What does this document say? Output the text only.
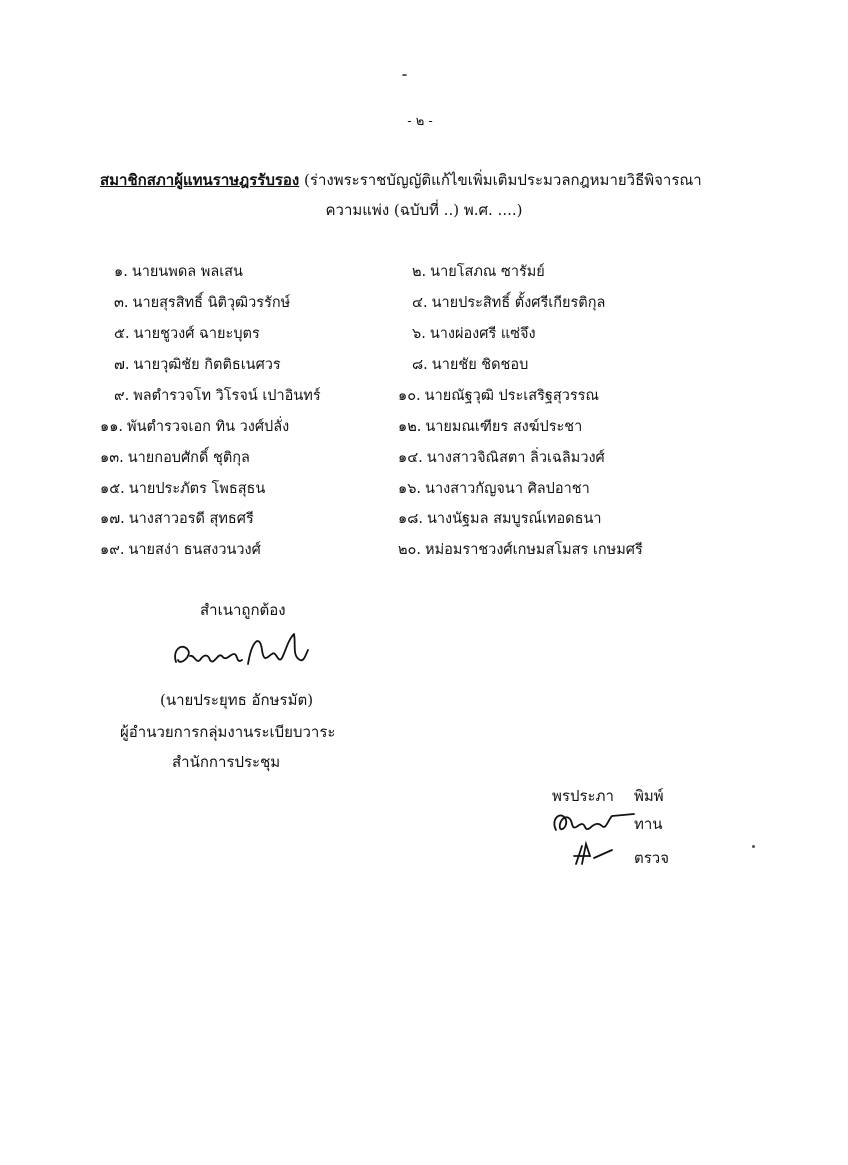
- ๒ -
สมาชิกสภาผู้แทนราษฎรรับรอง (ร่างพระราชบัญญัติแก้ไขเพิ่มเติมประมวลกฎหมายวิธีพิจารณา
ความแพ่ง (ฉบับที่ ..) พ.ศ. ....)
๑. นายนพดล พลเสน
๓. นายสุรสิทธิ์ นิติวุฒิวรรักษ์
๕. นายชูวงศ์ ฉายะบุตร
๗. นายวุฒิชัย กิตติธเนศวร
๙. พลตำรวจโท วิโรจน์ เปาอินทร์
๑๑. พันตำรวจเอก ทิน วงศ์ปลั่ง
๑๓. นายกอบศักดิ์ ชุติกุล
๑๕. นายประภัตร โพธสุธน
๑๗. นางสาวอรดี สุทธศรี
๑๙. นายสง่า ธนสงวนวงศ์
๒. นายโสภณ ซารัมย์
๔. นายประสิทธิ์ ตั้งศรีเกียรติกุล
๖. นางผ่องศรี แซ่จึง
๘. นายชัย ชิดชอบ
๑๐. นายณัฐวุฒิ ประเสริฐสุวรรณ
๑๒. นายมณเฑียร สงฆ์ประชา
๑๔. นางสาวจิณิสตา ลิ่วเฉลิมวงศ์
๑๖. นางสาวกัญจนา ศิลปอาชา
๑๘. นางนัฐมล สมบูรณ์เทอดธนา
๒๐. หม่อมราชวงศ์เกษมสโมสร เกษมศรี
สำเนาถูกต้อง
(นายประยุทธ อักษรมัต)
ผู้อำนวยการกลุ่มงานระเบียบวาระ
สำนักการประชุม
พรประภา พิมพ์
ทาน
ตรวจ
